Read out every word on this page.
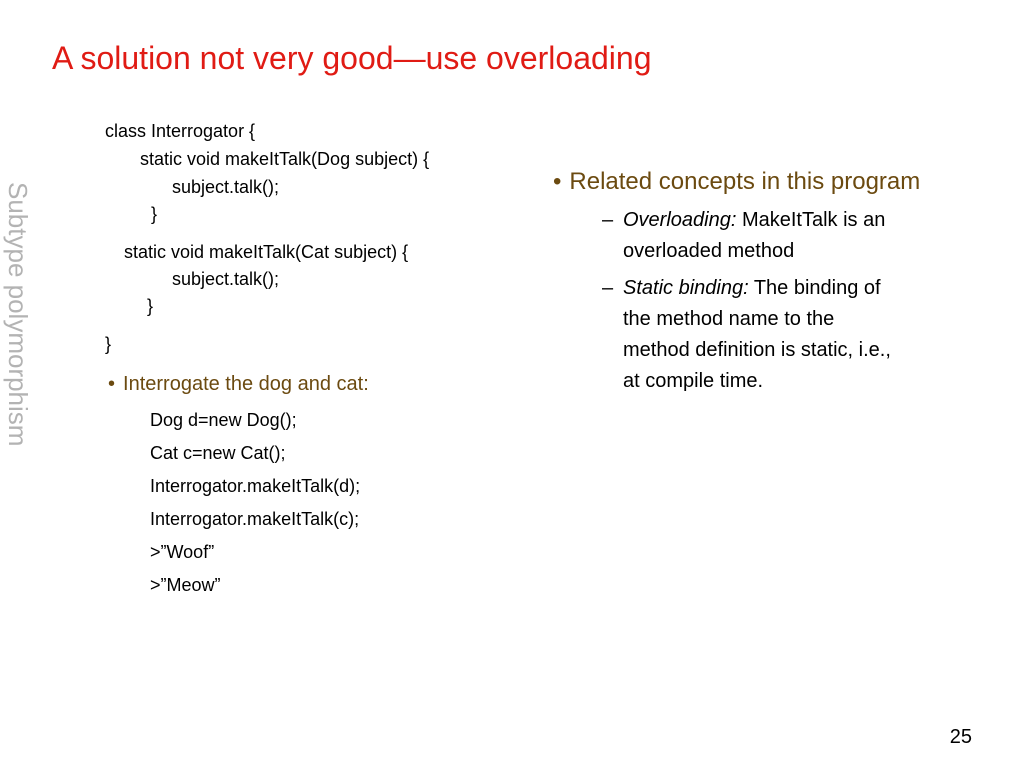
A solution not very good—use overloading
Subtype polymorphism
class Interrogator {
static void makeItTalk(Dog subject) {
subject.talk();
}
static void makeItTalk(Cat subject) {
subject.talk();
}
}
• Interrogate the dog and cat:
Dog d=new Dog();
Cat c=new Cat();
Interrogator.makeItTalk(d);
Interrogator.makeItTalk(c);
>”Woof”
>”Meow”
• Related concepts in this program
– Overloading: MakeItTalk is an
overloaded method
– Static binding: The binding of
the method name to the
method definition is static, i.e.,
at compile time.
25
